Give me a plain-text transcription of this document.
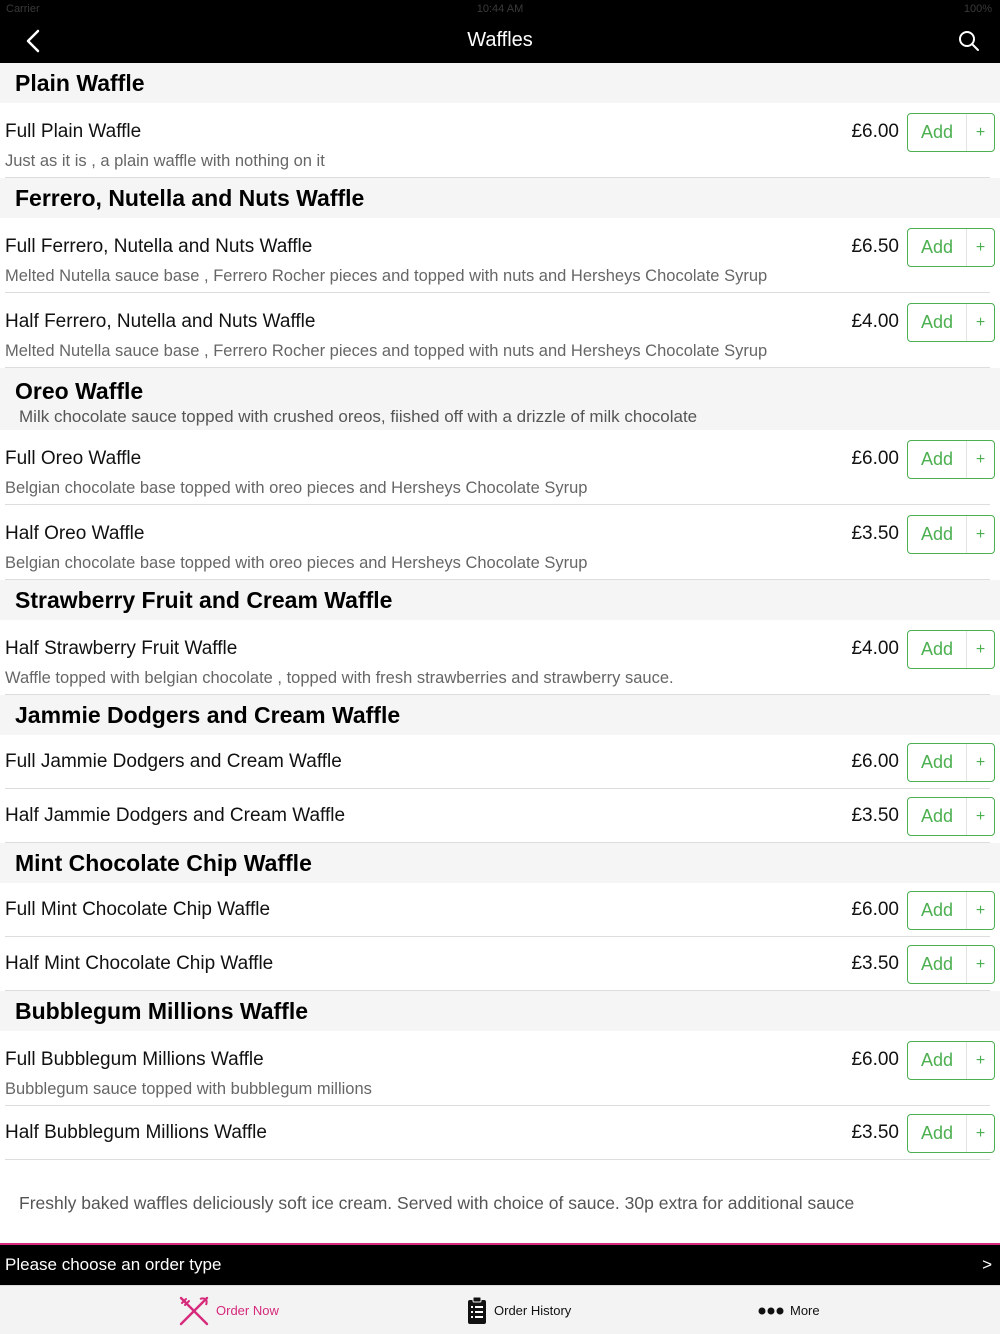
Carrier	10:44 AM	100%
Waffles
Plain Waffle
Full Plain Waffle
Just as it is , a plain waffle with nothing on it
£6.00	Add	+
Ferrero, Nutella and Nuts Waffle
Full Ferrero, Nutella and Nuts Waffle
Melted Nutella sauce base , Ferrero Rocher pieces and topped with nuts and Hersheys Chocolate Syrup
£6.50	Add	+
Half Ferrero, Nutella and Nuts Waffle
Melted Nutella sauce base , Ferrero Rocher pieces and topped with nuts and Hersheys Chocolate Syrup
£4.00	Add	+
Oreo Waffle
Milk chocolate sauce topped with crushed oreos, fiished off with a drizzle of milk chocolate
Full Oreo Waffle
Belgian chocolate base topped with oreo pieces and Hersheys Chocolate Syrup
£6.00	Add	+
Half Oreo Waffle
Belgian chocolate base topped with oreo pieces and Hersheys Chocolate Syrup
£3.50	Add	+
Strawberry Fruit and Cream Waffle
Half Strawberry Fruit Waffle
Waffle topped with belgian chocolate , topped with fresh strawberries and strawberry sauce.
£4.00	Add	+
Jammie Dodgers and Cream Waffle
Full Jammie Dodgers and Cream Waffle	£6.00	Add	+
Half Jammie Dodgers and Cream Waffle	£3.50	Add	+
Mint Chocolate Chip Waffle
Full Mint Chocolate Chip Waffle	£6.00	Add	+
Half Mint Chocolate Chip Waffle	£3.50	Add	+
Bubblegum Millions Waffle
Full Bubblegum Millions Waffle
Bubblegum sauce topped with bubblegum millions
£6.00	Add	+
Half Bubblegum Millions Waffle	£3.50	Add	+
Freshly baked waffles deliciously soft ice cream. Served with choice of sauce. 30p extra for additional sauce
Please choose an order type	>
Order Now	Order History	More
